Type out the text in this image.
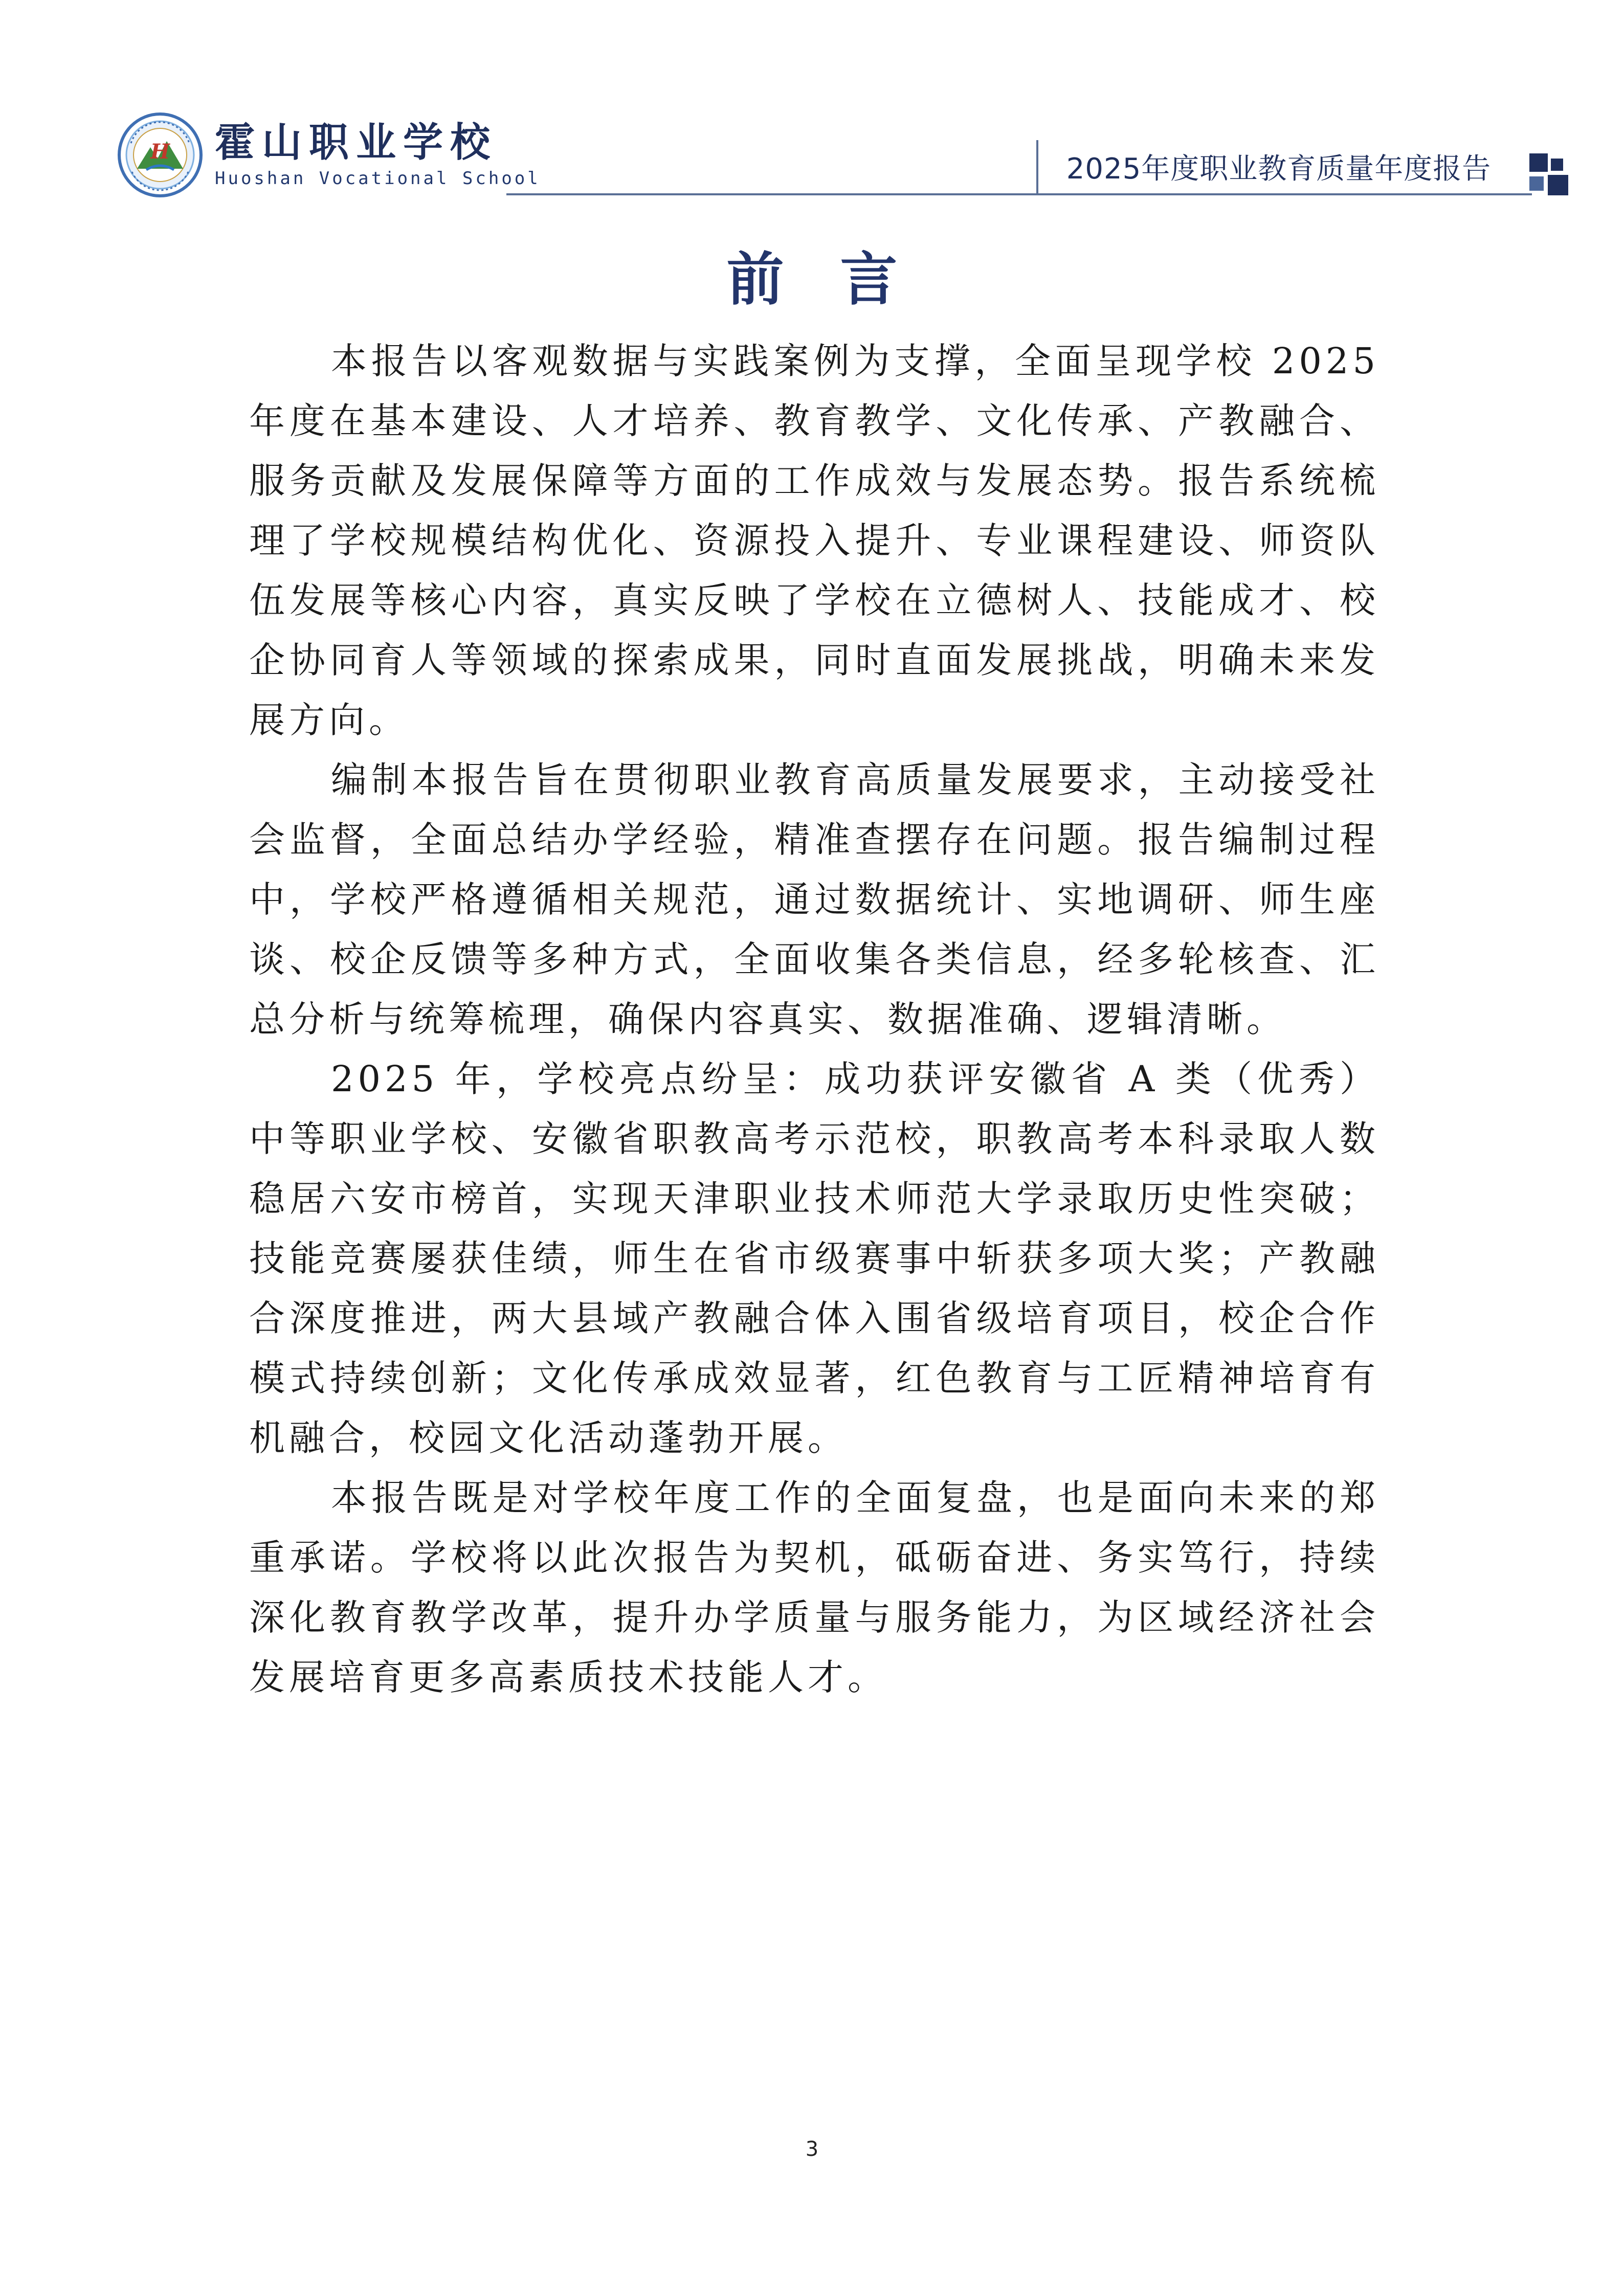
H 霍山职业学校
Huoshan Vocational School	2025年度职业教育质量年度报告
前言

本报告以客观数据与实践案例为支撑，全面呈现学校 2025 年度在基本建设、人才培养、教育教学、文化传承、产教融合、服务贡献及发展保障等方面的工作成效与发展态势。报告系统梳理了学校规模结构优化、资源投入提升、专业课程建设、师资队伍发展等核心内容，真实反映了学校在立德树人、技能成才、校企协同育人等领域的探索成果，同时直面发展挑战，明确未来发展方向。

编制本报告旨在贯彻职业教育高质量发展要求，主动接受社会监督，全面总结办学经验，精准查摆存在问题。报告编制过程中，学校严格遵循相关规范，通过数据统计、实地调研、师生座谈、校企反馈等多种方式，全面收集各类信息，经多轮核查、汇总分析与统筹梳理，确保内容真实、数据准确、逻辑清晰。

2025 年，学校亮点纷呈：成功获评安徽省 A 类（优秀）中等职业学校、安徽省职教高考示范校，职教高考本科录取人数稳居六安市榜首，实现天津职业技术师范大学录取历史性突破；技能竞赛屡获佳绩，师生在省市级赛事中斩获多项大奖；产教融合深度推进，两大县域产教融合体入围省级培育项目，校企合作模式持续创新；文化传承成效显著，红色教育与工匠精神培育有机融合，校园文化活动蓬勃开展。

本报告既是对学校年度工作的全面复盘，也是面向未来的郑重承诺。学校将以此次报告为契机，砥砺奋进、务实笃行，持续深化教育教学改革，提升办学质量与服务能力，为区域经济社会发展培育更多高素质技术技能人才。

3
